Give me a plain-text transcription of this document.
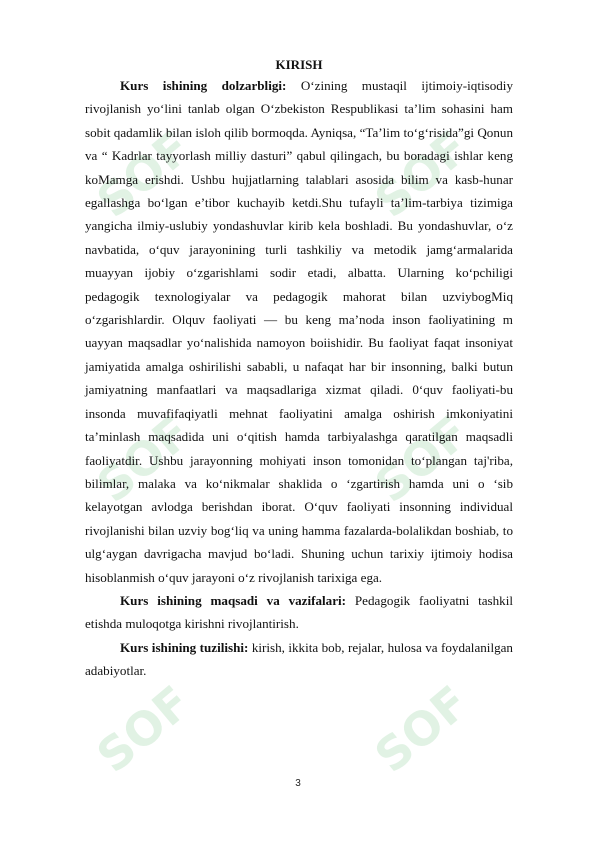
SOF	SOF
SOF	SOF
SOF	SOF

KIRISH

Kurs ishining dolzarbligi: O‘zining mustaqil ijtimoiy-iqtisodiy rivojlanish yo‘lini tanlab olgan O‘zbekiston Respublikasi ta’lim sohasini ham sobit qadamlik bilan isloh qilib bormoqda. Ayniqsa, “Ta’lim to‘g‘risida”gi Qonun va “ Kadrlar tayyorlash milliy dasturi” qabul qilingach, bu boradagi ishlar keng koMamga erishdi. Ushbu hujjatlarning talablari asosida bilim va kasb-hunar egallashga bo‘lgan e’tibor kuchayib ketdi.Shu tufayli ta’lim-tarbiya tizimiga yangicha ilmiy-uslubiy yondashuvlar kirib kela boshladi. Bu yondashuvlar, o‘z navbatida, o‘quv jarayonining turli tashkiliy va metodik jamg‘armalarida muayyan ijobiy o‘zgarishlami sodir etadi, albatta. Ularning ko‘pchiligi pedagogik texnologiyalar va pedagogik mahorat bilan uzviybogMiq o‘zgarishlardir. Olquv faoliyati — bu keng ma’noda inson faoliyatining m uayyan maqsadlar yo‘nalishida namoyon boiishidir. Bu faoliyat faqat insoniyat jamiyatida amalga oshirilishi sababli, u nafaqat har bir insonning, balki butun jamiyatning manfaatlari va maqsadlariga xizmat qiladi. 0‘quv faoliyati-bu insonda muvafifaqiyatli mehnat faoliyatini amalga oshirish imkoniyatini ta’minlash maqsadida uni o‘qitish hamda tarbiyalashga qaratilgan maqsadli faoliyatdir. Ushbu jarayonning mohiyati inson tomonidan to‘plangan taj'riba, bilimlar, malaka va ko‘nikmalar shaklida o ‘zgartirish hamda uni o ‘sib kelayotgan avlodga berishdan iborat. O‘quv faoliyati insonning individual rivojlanishi bilan uzviy bog‘liq va uning hamma fazalarda-bolalikdan boshiab, to ulg‘aygan davrigacha mavjud bo‘ladi. Shuning uchun tarixiy ijtimoiy hodisa hisoblanmish o‘quv jarayoni o‘z rivojlanish tarixiga ega.

Kurs ishining maqsadi va vazifalari: Pedagogik faoliyatni tashkil etishda muloqotga kirishni rivojlantirish.

Kurs ishining tuzilishi: kirish, ikkita bob, rejalar, hulosa va foydalanilgan adabiyotlar.

3
